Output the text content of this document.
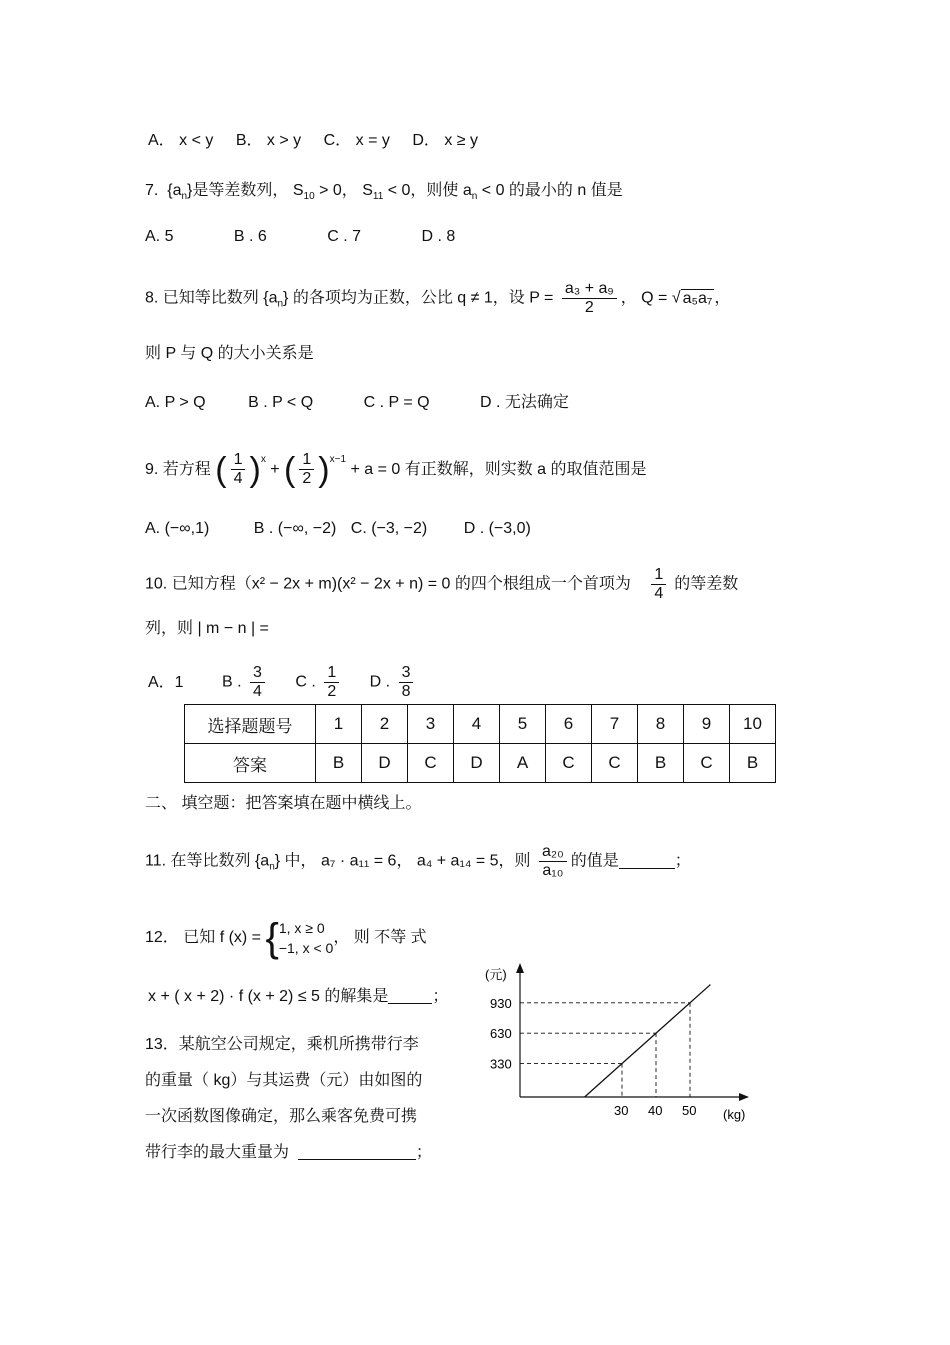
A． x < y B． x > y C． x = y D． x ≥ y
7. $\{a_n\}$是等差数列， $S_{10} > 0$， $S_{11} < 0$，则使 $a_n < 0$ 的最小的 n 值是
A. 5	B . 6	C . 7	D . 8
8. 已知等比数列 $\{a_n\}$ 的各项均为正数，公比 q ≠ 1，设 $P = \frac{\text{a₃ + a₉}}{2}$ ， Q = √ a₅a₇ ，
则 P 与 Q 的大小关系是
A. P > Q	B . P < Q	C . P = Q	D . 无法确定
9. 若方程 ( $\frac{1}{4} )^x$ + ( $\frac{1}{2} )^{x-1} + a = 0$ 有正数解，则实数 a 的取值范围是
A. (−∞,1)	B . (−∞, −2) C. (−3, −2) D . (−3,0)
10. 已知方程（x² − 2x + m)(x² − 2x + n) = 0 的四个根组成一个首项为 $\frac{1}{4}$ 的等差数
列，则 | m − n | =
A．1 B . $\frac{3}{4}$ C . $\frac{1}{2}$ D . $\frac{3}{8}$
选择题题号	1	2	3	4	5	6	7	8	9	10
答案	B	D	C	D	A	C	C	B	C	B
二、 填空题：把答案填在题中横线上。
11. 在等比数列 $\{a_n\}$ 中， a₇ · a₁₁ = 6， a₄ + a₁₄ = 5，则 $\frac{\text{a₂₀}}{\text{a₁₀}}$ 的值是	；
12． 已知 f (x) = { 1, x ≥ 0
−1, x < 0
， 则 不等 式
x + ( x + 2) · f (x + 2) ≤ 5 的解集是	；
13．某航空公司规定，乘机所携带行李
的重量（ kg）与其运费（元）由如图的
一次函数图像确定，那么乘客免费可携
带行李的最大重量为	；
(元)
(kg)
30
330
40
630
50
930
